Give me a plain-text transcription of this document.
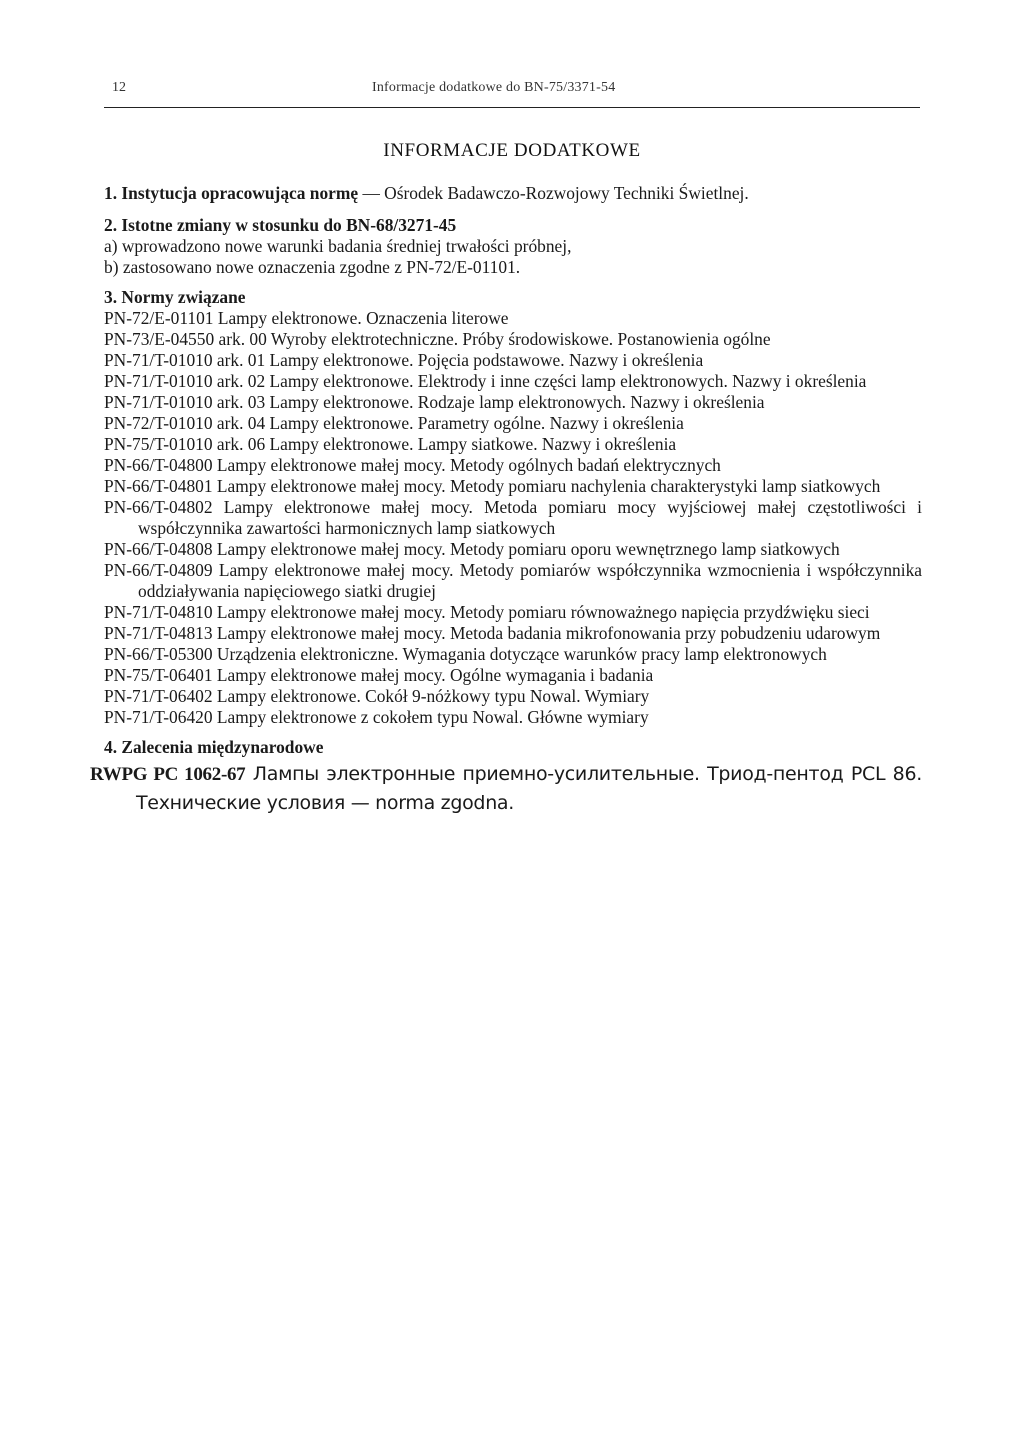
12	Informacje dodatkowe do BN-75/3371-54
INFORMACJE DODATKOWE

1. Instytucja opracowująca normę — Ośrodek Badawczo-Rozwojowy Techniki Świetlnej.

2. Istotne zmiany w stosunku do BN-68/3271-45

a) wprowadzono nowe warunki badania średniej trwałości próbnej,

b) zastosowano nowe oznaczenia zgodne z PN-72/E-01101.

3. Normy związane

PN-72/E-01101 Lampy elektronowe. Oznaczenia literowe

PN-73/E-04550 ark. 00 Wyroby elektrotechniczne. Próby środowiskowe. Postanowienia ogólne

PN-71/T-01010 ark. 01 Lampy elektronowe. Pojęcia podstawowe. Nazwy i określenia

PN-71/T-01010 ark. 02 Lampy elektronowe. Elektrody i inne części lamp elektronowych. Nazwy i określenia

PN-71/T-01010 ark. 03 Lampy elektronowe. Rodzaje lamp elektronowych. Nazwy i określenia

PN-72/T-01010 ark. 04 Lampy elektronowe. Parametry ogólne. Nazwy i określenia

PN-75/T-01010 ark. 06 Lampy elektronowe. Lampy siatkowe. Nazwy i określenia

PN-66/T-04800 Lampy elektronowe małej mocy. Metody ogólnych badań elektrycznych

PN-66/T-04801 Lampy elektronowe małej mocy. Metody pomiaru nachylenia charakterystyki lamp siatkowych

PN-66/T-04802 Lampy elektronowe małej mocy. Metoda pomiaru mocy wyjściowej małej częstotliwości i współczynnika zawartości harmonicznych lamp siatkowych

PN-66/T-04808 Lampy elektronowe małej mocy. Metody pomiaru oporu wewnętrznego lamp siatkowych

PN-66/T-04809 Lampy elektronowe małej mocy. Metody pomiarów współczynnika wzmocnienia i współczynnika oddziaływania napięciowego siatki drugiej

PN-71/T-04810 Lampy elektronowe małej mocy. Metody pomiaru równoważnego napięcia przydźwięku sieci

PN-71/T-04813 Lampy elektronowe małej mocy. Metoda badania mikrofonowania przy pobudzeniu udarowym

PN-66/T-05300 Urządzenia elektroniczne. Wymagania dotyczące warunków pracy lamp elektronowych

PN-75/T-06401 Lampy elektronowe małej mocy. Ogólne wymagania i badania

PN-71/T-06402 Lampy elektronowe. Cokół 9-nóżkowy typu Nowal. Wymiary

PN-71/T-06420 Lampy elektronowe z cokołem typu Nowal. Główne wymiary

4. Zalecenia międzynarodowe

RWPG PC 1062-67 Лампы электронные приемно-усилительные. Триод-пентод PCL 86. Технические условия — norma zgodna.
